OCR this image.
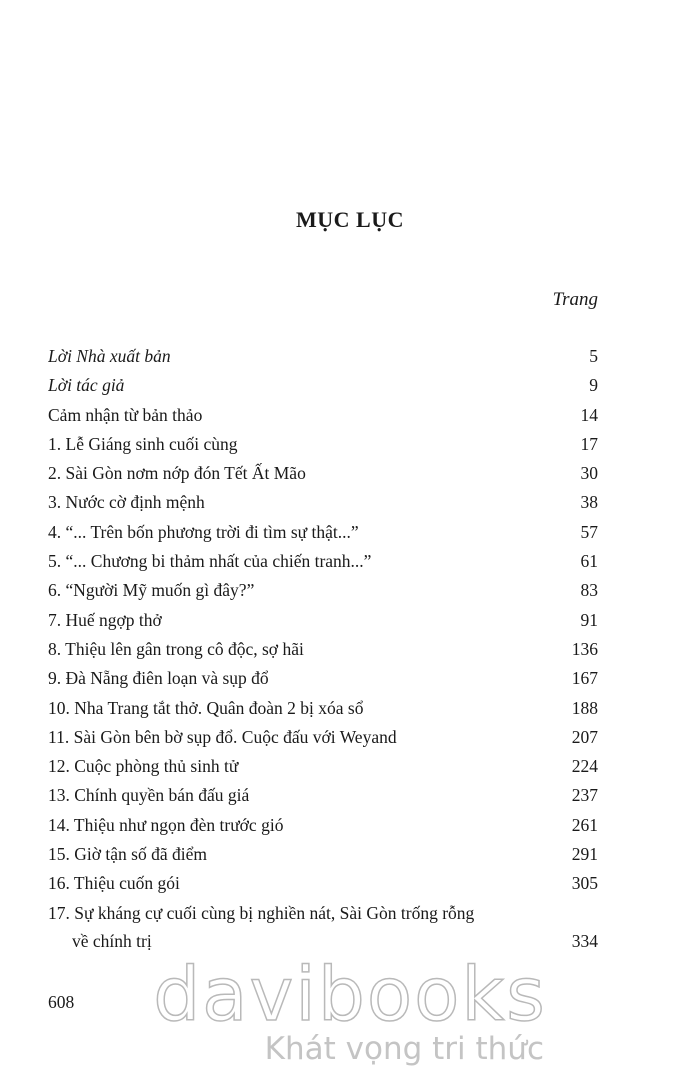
MỤC LỤC
Trang
Lời Nhà xuất bản	5
Lời tác giả	9
Cảm nhận từ bản thảo	14
1. Lễ Giáng sinh cuối cùng	17
2. Sài Gòn nơm nớp đón Tết Ất Mão	30
3. Nước cờ định mệnh	38
4. “... Trên bốn phương trời đi tìm sự thật...”	57
5. “... Chương bi thảm nhất của chiến tranh...”	61
6. “Người Mỹ muốn gì đây?”	83
7. Huế ngợp thở	91
8. Thiệu lên gân trong cô độc, sợ hãi	136
9. Đà Nẵng điên loạn và sụp đổ	167
10. Nha Trang tắt thở. Quân đoàn 2 bị xóa sổ	188
11. Sài Gòn bên bờ sụp đổ. Cuộc đấu với Weyand	207
12. Cuộc phòng thủ sinh tử	224
13. Chính quyền bán đấu giá	237
14. Thiệu như ngọn đèn trước gió	261
15. Giờ tận số đã điểm	291
16. Thiệu cuốn gói	305
17. Sự kháng cự cuối cùng bị nghiền nát, Sài Gòn trống rỗng
về chính trị	334
608 davibooks
Khát vọng tri thức
